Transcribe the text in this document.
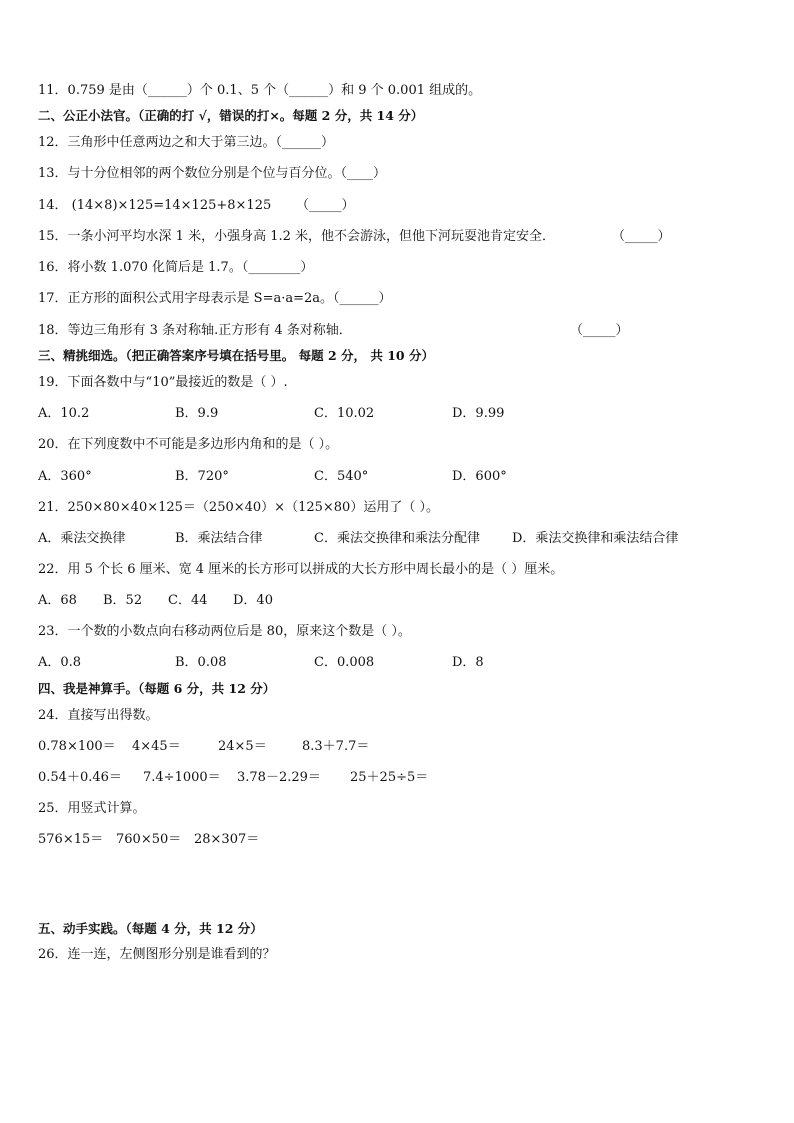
11．0.759 是由（______）个 0.1、5 个（______）和 9 个 0.001 组成的。
二、公正小法官。（正确的打 √，错误的打×。每题 2 分，共 14 分）
12．三角形中任意两边之和大于第三边。（______）
13．与十分位相邻的两个数位分别是个位与百分位。（____）
14． (14×8)×125=14×125+8×125 （_____）
15．一条小河平均水深 1 米，小强身高 1.2 米，他不会游泳，但他下河玩耍池肯定安全．	（_____）
16．将小数 1.070 化简后是 1.7。（________）
17．正方形的面积公式用字母表示是 S=a·a=2a。（______）
18．等边三角形有 3 条对称轴.正方形有 4 条对称轴．	（_____）
三、精挑细选。（把正确答案序号填在括号里。 每题 2 分， 共 10 分）
19．下面各数中与“10”最接近的数是（ ）.
A．10.2	B．9.9	C．10.02	D．9.99
20．在下列度数中不可能是多边形内角和的是（ ）。
A．360°	B．720°	C．540°	D．600°
21．250×80×40×125＝（250×40）×（125×80）运用了（ ）。
A．乘法交换律	B．乘法结合律	C．乘法交换律和乘法分配律 D．乘法交换律和乘法结合律
22．用 5 个长 6 厘米、宽 4 厘米的长方形可以拼成的大长方形中周长最小的是（ ）厘米。
A．68 B．52 C．44 D．40
23．一个数的小数点向右移动两位后是 80，原来这个数是（ ）。
A．0.8	B．0.08	C．0.008	D．8
四、我是神算手。（每题 6 分，共 12 分）
24．直接写出得数。
0.78×100＝ 4×45＝	24×5＝	8.3＋7.7＝
0.54＋0.46＝ 7.4÷1000＝ 3.78－2.29＝ 25＋25÷5＝
25．用竖式计算。
576×15＝ 760×50＝ 28×307＝
五、动手实践。（每题 4 分，共 12 分）
26．连一连，左侧图形分别是谁看到的？
